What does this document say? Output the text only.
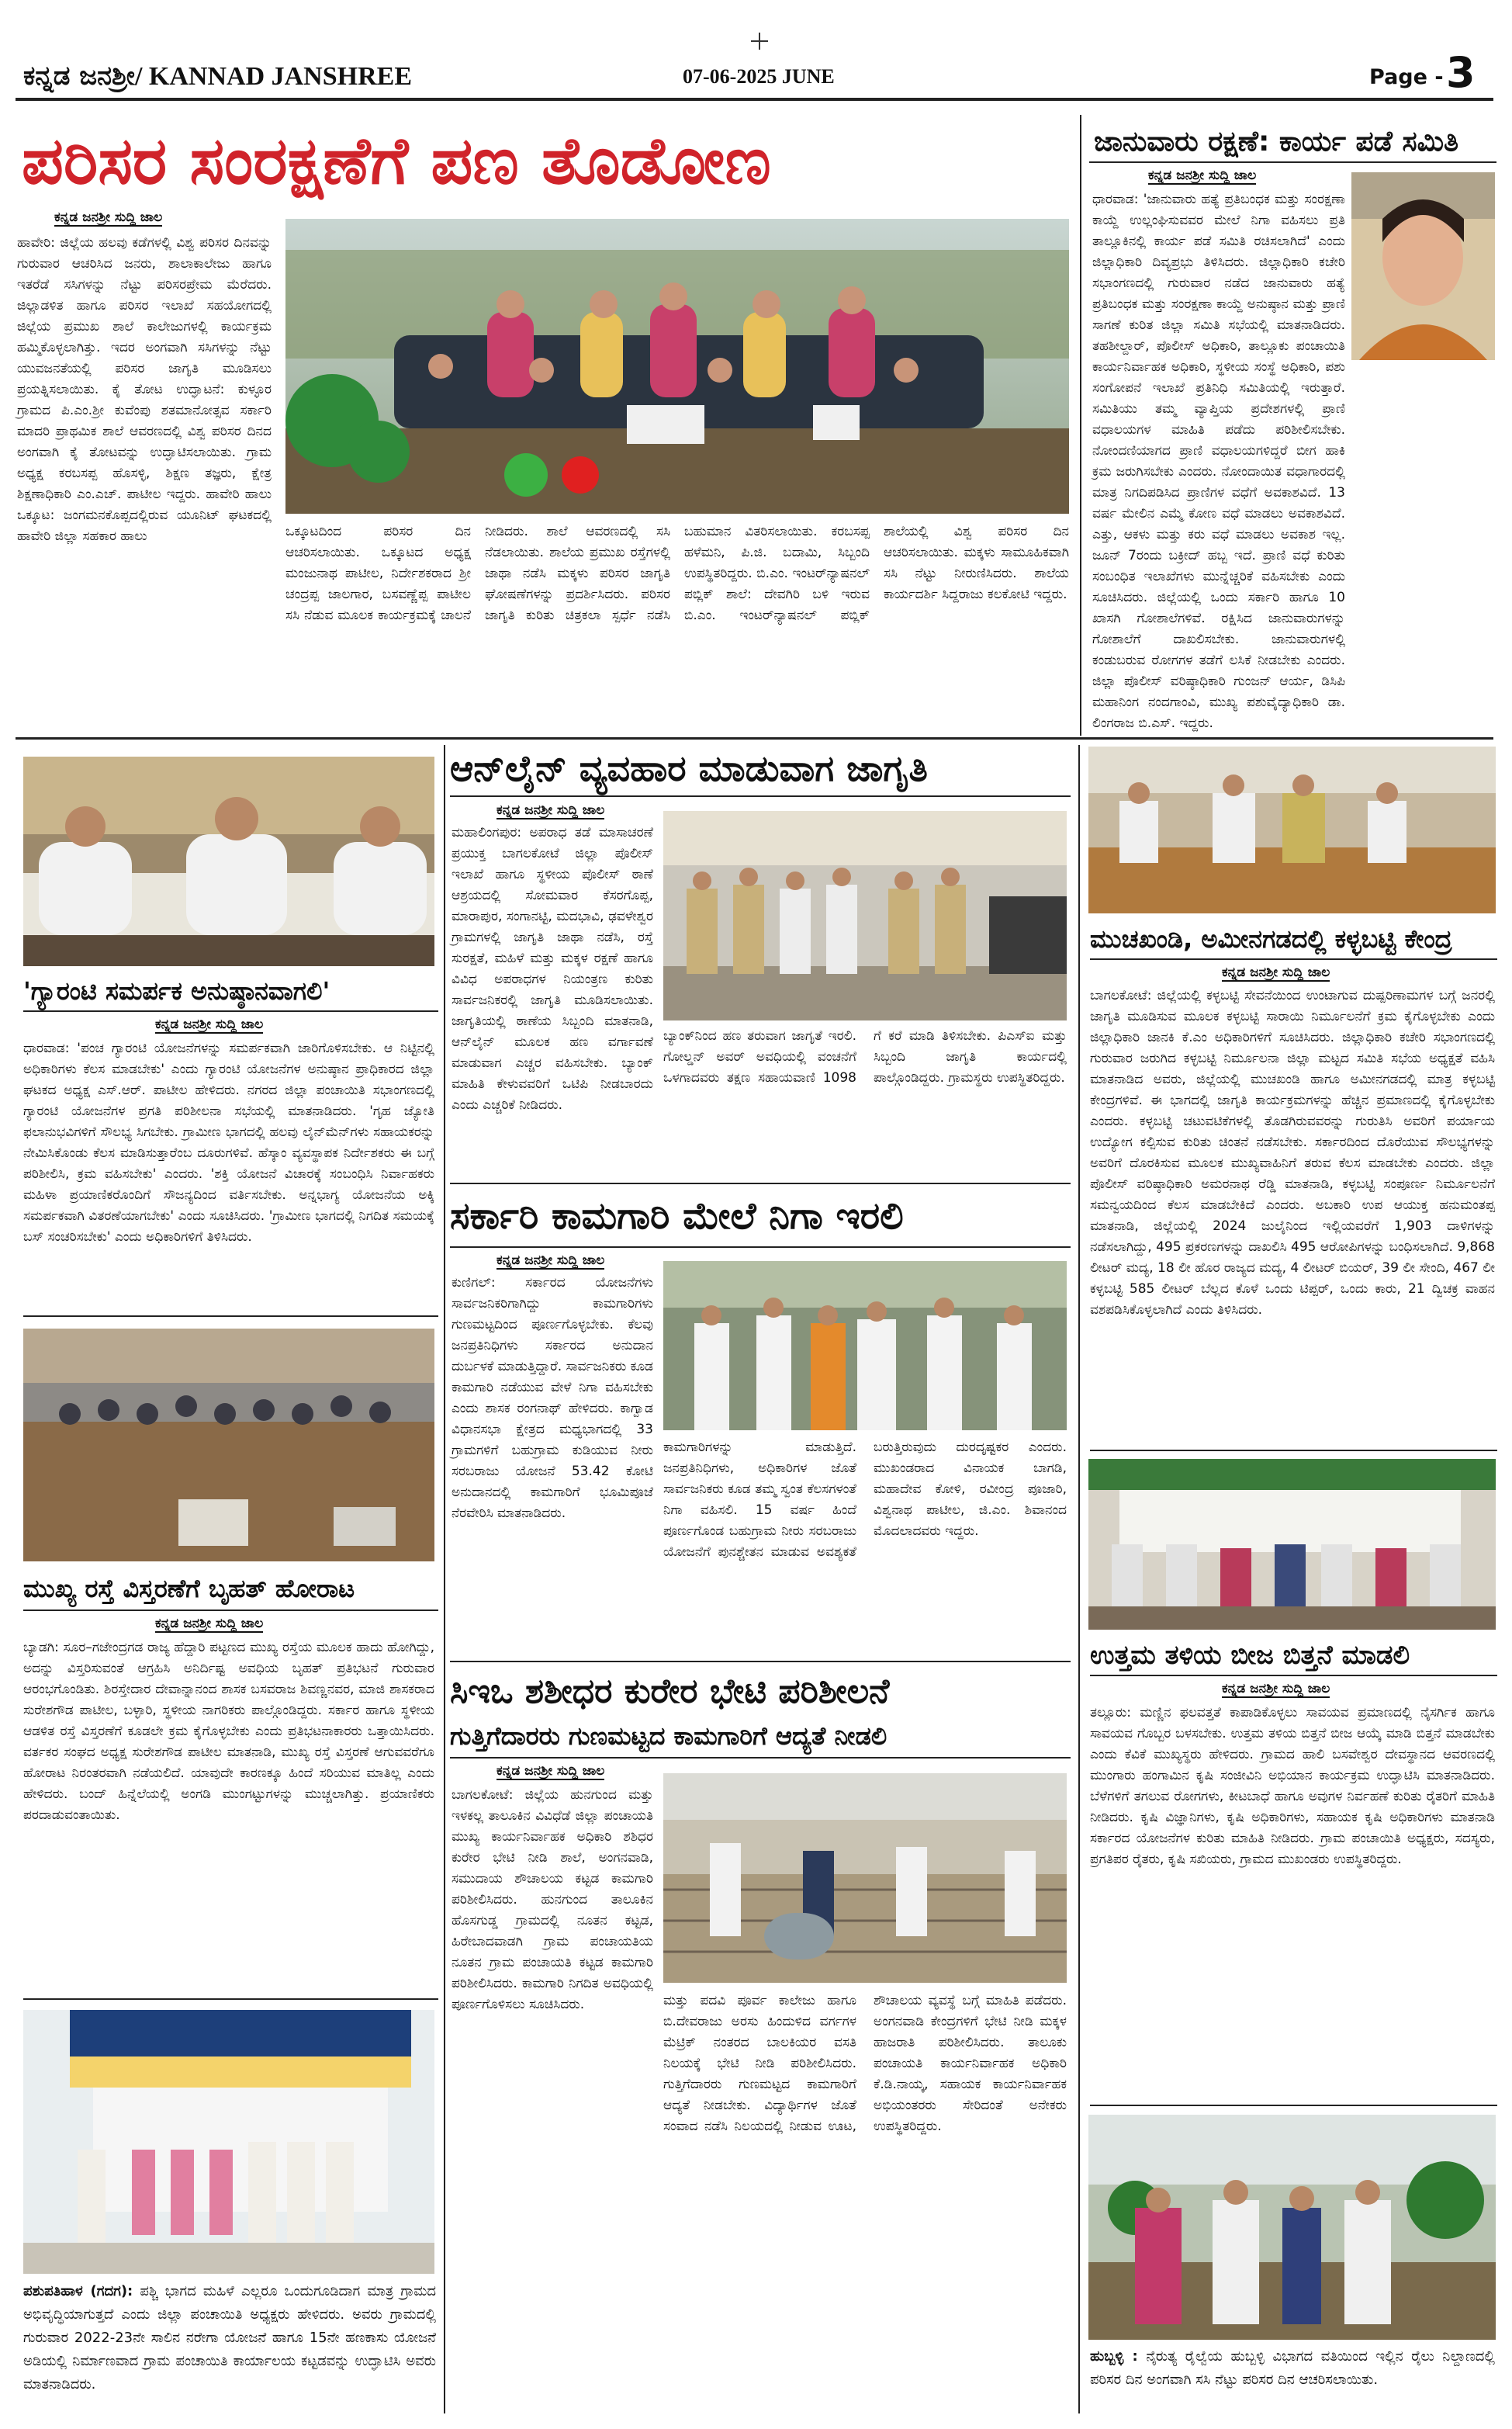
ಕನ್ನಡ ಜನಶ್ರೀ/ KANNAD JANSHREE	07-06-2025 JUNE	Page - 3
ಪರಿಸರ ಸಂರಕ್ಷಣೆಗೆ ಪಣ ತೊಡೋಣ
ಕನ್ನಡ ಜನಶ್ರೀ ಸುದ್ದಿ ಜಾಲ
ಹಾವೇರಿ: ಜಿಲ್ಲೆಯ ಹಲವು ಕಡೆಗಳಲ್ಲಿ ವಿಶ್ವ ಪರಿಸರ ದಿನವನ್ನು ಗುರುವಾರ ಆಚರಿಸಿದ ಜನರು, ಶಾಲಾಕಾಲೇಜು ಹಾಗೂ ಇತರೆಡೆ ಸಸಿಗಳನ್ನು ನೆಟ್ಟು ಪರಿಸರಪ್ರೇಮ ಮೆರೆದರು. ಜಿಲ್ಲಾಡಳಿತ ಹಾಗೂ ಪರಿಸರ ಇಲಾಖೆ ಸಹಯೋಗದಲ್ಲಿ ಜಿಲ್ಲೆಯ ಪ್ರಮುಖ ಶಾಲೆ ಕಾಲೇಜುಗಳಲ್ಲಿ ಕಾರ್ಯಕ್ರಮ ಹಮ್ಮಿಕೊಳ್ಳಲಾಗಿತ್ತು. ಇದರ ಅಂಗವಾಗಿ ಸಸಿಗಳನ್ನು ನೆಟ್ಟು ಯುವಜನತೆಯಲ್ಲಿ ಪರಿಸರ ಜಾಗೃತಿ ಮೂಡಿಸಲು ಪ್ರಯತ್ನಿಸಲಾಯಿತು. ಕೈ ತೋಟ ಉದ್ಘಾಟನೆ: ಕುಳ್ಳೂರ ಗ್ರಾಮದ ಪಿ.ಎಂ.ಶ್ರೀ ಕುವೆಂಪು ಶತಮಾನೋತ್ಸವ ಸರ್ಕಾರಿ ಮಾದರಿ ಪ್ರಾಥಮಿಕ ಶಾಲೆ ಆವರಣದಲ್ಲಿ ವಿಶ್ವ ಪರಿಸರ ದಿನದ ಅಂಗವಾಗಿ ಕೈ ತೋಟವನ್ನು ಉದ್ಘಾಟಿಸಲಾಯಿತು. ಗ್ರಾಮ ಅಧ್ಯಕ್ಷ ಕರಬಸಪ್ಪ ಹೊಸಳ್ಳಿ, ಶಿಕ್ಷಣ ತಜ್ಞರು, ಕ್ಷೇತ್ರ ಶಿಕ್ಷಣಾಧಿಕಾರಿ ಎಂ.ಎಚ್. ಪಾಟೀಲ ಇದ್ದರು. ಹಾವೇರಿ ಹಾಲು ಒಕ್ಕೂಟ: ಜಂಗಮನಕೊಪ್ಪದಲ್ಲಿರುವ ಯೂನಿಟ್ ಘಟಕದಲ್ಲಿ ಹಾವೇರಿ ಜಿಲ್ಲಾ ಸಹಕಾರ ಹಾಲು	ಒಕ್ಕೂಟದಿಂದ ಪರಿಸರ ದಿನ ಆಚರಿಸಲಾಯಿತು. ಒಕ್ಕೂಟದ ಅಧ್ಯಕ್ಷ ಮಂಜುನಾಥ ಪಾಟೀಲ, ನಿರ್ದೇಶಕರಾದ ಶ್ರೀ ಚಂದ್ರಪ್ಪ ಜಾಲಗಾರ, ಬಸವಣ್ಣೆಪ್ಪ ಪಾಟೀಲ ಸಸಿ ನೆಡುವ ಮೂಲಕ ಕಾರ್ಯಕ್ರಮಕ್ಕೆ ಚಾಲನೆ ನೀಡಿದರು. ಶಾಲೆ ಆವರಣದಲ್ಲಿ ಸಸಿ ನೆಡಲಾಯಿತು. ಶಾಲೆಯ ಪ್ರಮುಖ ರಸ್ತೆಗಳಲ್ಲಿ ಜಾಥಾ ನಡೆಸಿ ಮಕ್ಕಳು ಪರಿಸರ ಜಾಗೃತಿ ಘೋಷಣೆಗಳನ್ನು ಪ್ರದರ್ಶಿಸಿದರು. ಪರಿಸರ ಜಾಗೃತಿ ಕುರಿತು ಚಿತ್ರಕಲಾ ಸ್ಪರ್ಧೆ ನಡೆಸಿ ಬಹುಮಾನ ವಿತರಿಸಲಾಯಿತು. ಕರಬಸಪ್ಪ ಹಳೆಮನಿ, ಪಿ.ಜಿ. ಬದಾಮಿ, ಸಿಬ್ಬಂದಿ ಉಪಸ್ಥಿತರಿದ್ದರು. ಬಿ.ಎಂ. ಇಂಟರ್‌ನ್ಯಾಷನಲ್ ಪಬ್ಲಿಕ್ ಶಾಲೆ: ದೇವಗಿರಿ ಬಳಿ ಇರುವ ಬಿ.ಎಂ. ಇಂಟರ್‌ನ್ಯಾಷನಲ್ ಪಬ್ಲಿಕ್ ಶಾಲೆಯಲ್ಲಿ ವಿಶ್ವ ಪರಿಸರ ದಿನ ಆಚರಿಸಲಾಯಿತು. ಮಕ್ಕಳು ಸಾಮೂಹಿಕವಾಗಿ ಸಸಿ ನೆಟ್ಟು ನೀರುಣಿಸಿದರು. ಶಾಲೆಯ ಕಾರ್ಯದರ್ಶಿ ಸಿದ್ದರಾಜು ಕಲಕೋಟಿ ಇದ್ದರು.
ಜಾನುವಾರು ರಕ್ಷಣೆ: ಕಾರ್ಯ ಪಡೆ ಸಮಿತಿ
ಕನ್ನಡ ಜನಶ್ರೀ ಸುದ್ದಿ ಜಾಲ
ಧಾರವಾಡ: 'ಜಾನುವಾರು ಹತ್ಯೆ ಪ್ರತಿಬಂಧಕ ಮತ್ತು ಸಂರಕ್ಷಣಾ ಕಾಯ್ದೆ ಉಲ್ಲಂಘಿಸುವವರ ಮೇಲೆ ನಿಗಾ ವಹಿಸಲು ಪ್ರತಿ ತಾಲ್ಲೂಕಿನಲ್ಲಿ ಕಾರ್ಯ ಪಡೆ ಸಮಿತಿ ರಚಿಸಲಾಗಿದೆ' ಎಂದು ಜಿಲ್ಲಾಧಿಕಾರಿ ದಿವ್ಯಪ್ರಭು ತಿಳಿಸಿದರು. ಜಿಲ್ಲಾಧಿಕಾರಿ ಕಚೇರಿ ಸಭಾಂಗಣದಲ್ಲಿ ಗುರುವಾರ ನಡೆದ ಜಾನುವಾರು ಹತ್ಯೆ ಪ್ರತಿಬಂಧಕ ಮತ್ತು ಸಂರಕ್ಷಣಾ ಕಾಯ್ದೆ ಅನುಷ್ಠಾನ ಮತ್ತು ಪ್ರಾಣಿ ಸಾಗಣೆ ಕುರಿತ ಜಿಲ್ಲಾ ಸಮಿತಿ ಸಭೆಯಲ್ಲಿ ಮಾತನಾಡಿದರು. ತಹಶೀಲ್ದಾರ್, ಪೊಲೀಸ್ ಅಧಿಕಾರಿ, ತಾಲ್ಲೂಕು ಪಂಚಾಯಿತಿ ಕಾರ್ಯನಿರ್ವಾಹಕ ಅಧಿಕಾರಿ, ಸ್ಥಳೀಯ ಸಂಸ್ಥೆ ಅಧಿಕಾರಿ, ಪಶು ಸಂಗೋಪನೆ ಇಲಾಖೆ ಪ್ರತಿನಿಧಿ ಸಮಿತಿಯಲ್ಲಿ ಇರುತ್ತಾರೆ. ಸಮಿತಿಯು ತಮ್ಮ ವ್ಯಾಪ್ತಿಯ ಪ್ರದೇಶಗಳಲ್ಲಿ ಪ್ರಾಣಿ ವಧಾಲಯಗಳ ಮಾಹಿತಿ ಪಡೆದು ಪರಿಶೀಲಿಸಬೇಕು. ನೋಂದಣಿಯಾಗದ ಪ್ರಾಣಿ ವಧಾಲಯಗಳಿದ್ದರೆ ಬೀಗ ಹಾಕಿ ಕ್ರಮ ಜರುಗಿಸಬೇಕು ಎಂದರು. ನೋಂದಾಯಿತ ವಧಾಗಾರದಲ್ಲಿ ಮಾತ್ರ ನಿಗದಿಪಡಿಸಿದ ಪ್ರಾಣಿಗಳ ವಧೆಗೆ ಅವಕಾಶವಿದೆ. 13 ವರ್ಷ ಮೇಲಿನ ಎಮ್ಮೆ ಕೋಣ ವಧೆ ಮಾಡಲು ಅವಕಾಶವಿದೆ. ಎತ್ತು, ಆಕಳು ಮತ್ತು ಕರು ವಧೆ ಮಾಡಲು ಅವಕಾಶ ಇಲ್ಲ. ಜೂನ್ 7ರಂದು ಬಕ್ರೀದ್ ಹಬ್ಬ ಇದೆ. ಪ್ರಾಣಿ ವಧೆ ಕುರಿತು ಸಂಬಂಧಿತ ಇಲಾಖೆಗಳು ಮುನ್ನೆಚ್ಚರಿಕೆ ವಹಿಸಬೇಕು ಎಂದು ಸೂಚಿಸಿದರು. ಜಿಲ್ಲೆಯಲ್ಲಿ ಒಂದು ಸರ್ಕಾರಿ ಹಾಗೂ 10 ಖಾಸಗಿ ಗೋಶಾಲೆಗಳಿವೆ. ರಕ್ಷಿಸಿದ ಜಾನುವಾರುಗಳನ್ನು ಗೋಶಾಲೆಗೆ ದಾಖಲಿಸಬೇಕು. ಜಾನುವಾರುಗಳಲ್ಲಿ ಕಂಡುಬರುವ ರೋಗಗಳ ತಡೆಗೆ ಲಸಿಕೆ ನೀಡಬೇಕು ಎಂದರು. ಜಿಲ್ಲಾ ಪೊಲೀಸ್ ವರಿಷ್ಠಾಧಿಕಾರಿ ಗುಂಜನ್ ಆರ್ಯ, ಡಿಸಿಪಿ ಮಹಾನಿಂಗ ನಂದಗಾಂವಿ, ಮುಖ್ಯ ಪಶುವೈದ್ಯಾಧಿಕಾರಿ ಡಾ. ಲಿಂಗರಾಜ ಬಿ.ಎಸ್. ಇದ್ದರು.
'ಗ್ಯಾರಂಟಿ ಸಮರ್ಪಕ ಅನುಷ್ಠಾನವಾಗಲಿ'
ಕನ್ನಡ ಜನಶ್ರೀ ಸುದ್ದಿ ಜಾಲ
ಧಾರವಾಡ: 'ಪಂಚ ಗ್ಯಾರಂಟಿ ಯೋಜನೆಗಳನ್ನು ಸಮರ್ಪಕವಾಗಿ ಜಾರಿಗೊಳಿಸಬೇಕು. ಆ ನಿಟ್ಟಿನಲ್ಲಿ ಅಧಿಕಾರಿಗಳು ಕೆಲಸ ಮಾಡಬೇಕು' ಎಂದು ಗ್ಯಾರಂಟಿ ಯೋಜನೆಗಳ ಅನುಷ್ಠಾನ ಪ್ರಾಧಿಕಾರದ ಜಿಲ್ಲಾ ಘಟಕದ ಅಧ್ಯಕ್ಷ ಎಸ್.ಆರ್. ಪಾಟೀಲ ಹೇಳಿದರು. ನಗರದ ಜಿಲ್ಲಾ ಪಂಚಾಯಿತಿ ಸಭಾಂಗಣದಲ್ಲಿ ಗ್ಯಾರಂಟಿ ಯೋಜನೆಗಳ ಪ್ರಗತಿ ಪರಿಶೀಲನಾ ಸಭೆಯಲ್ಲಿ ಮಾತನಾಡಿದರು. 'ಗೃಹ ಜ್ಯೋತಿ ಫಲಾನುಭವಿಗಳಿಗೆ ಸೌಲಭ್ಯ ಸಿಗಬೇಕು. ಗ್ರಾಮೀಣ ಭಾಗದಲ್ಲಿ ಹಲವು ಲೈನ್‌ಮೆನ್‌ಗಳು ಸಹಾಯಕರನ್ನು ನೇಮಿಸಿಕೊಂಡು ಕೆಲಸ ಮಾಡಿಸುತ್ತಾರೆಂಬ ದೂರುಗಳಿವೆ. ಹೆಸ್ಕಾಂ ವ್ಯವಸ್ಥಾಪಕ ನಿರ್ದೇಶಕರು ಈ ಬಗ್ಗೆ ಪರಿಶೀಲಿಸಿ, ಕ್ರಮ ವಹಿಸಬೇಕು' ಎಂದರು. 'ಶಕ್ತಿ ಯೋಜನೆ ವಿಚಾರಕ್ಕೆ ಸಂಬಂಧಿಸಿ ನಿರ್ವಾಹಕರು ಮಹಿಳಾ ಪ್ರಯಾಣಿಕರೊಂದಿಗೆ ಸೌಜನ್ಯದಿಂದ ವರ್ತಿಸಬೇಕು. ಅನ್ನಭಾಗ್ಯ ಯೋಜನೆಯ ಅಕ್ಕಿ ಸಮರ್ಪಕವಾಗಿ ವಿತರಣೆಯಾಗಬೇಕು' ಎಂದು ಸೂಚಿಸಿದರು. 'ಗ್ರಾಮೀಣ ಭಾಗದಲ್ಲಿ ನಿಗದಿತ ಸಮಯಕ್ಕೆ ಬಸ್ ಸಂಚರಿಸಬೇಕು' ಎಂದು ಅಧಿಕಾರಿಗಳಿಗೆ ತಿಳಿಸಿದರು.
ಮುಖ್ಯ ರಸ್ತೆ ವಿಸ್ತರಣೆಗೆ ಬೃಹತ್ ಹೋರಾಟ
ಕನ್ನಡ ಜನಶ್ರೀ ಸುದ್ದಿ ಜಾಲ
ಬ್ಯಾಡಗಿ: ಸೂರ–ಗಜೇಂದ್ರಗಡ ರಾಜ್ಯ ಹೆದ್ದಾರಿ ಪಟ್ಟಣದ ಮುಖ್ಯ ರಸ್ತೆಯ ಮೂಲಕ ಹಾದು ಹೋಗಿದ್ದು, ಅದನ್ನು ವಿಸ್ತರಿಸುವಂತೆ ಆಗ್ರಹಿಸಿ ಅನಿರ್ದಿಷ್ಟ ಅವಧಿಯ ಬೃಹತ್ ಪ್ರತಿಭಟನೆ ಗುರುವಾರ ಆರಂಭಗೊಂಡಿತು. ಶಿರಸ್ತೇದಾರ ದೇವಾನ್ನಾನಂದ ಶಾಸಕ ಬಸವರಾಜ ಶಿವಣ್ಣನವರ, ಮಾಜಿ ಶಾಸಕರಾದ ಸುರೇಶಗೌಡ ಪಾಟೀಲ, ಬಳ್ಳಾರಿ, ಸ್ಥಳೀಯ ನಾಗರಿಕರು ಪಾಲ್ಗೊಂಡಿದ್ದರು. ಸರ್ಕಾರ ಹಾಗೂ ಸ್ಥಳೀಯ ಆಡಳಿತ ರಸ್ತೆ ವಿಸ್ತರಣೆಗೆ ಕೂಡಲೇ ಕ್ರಮ ಕೈಗೊಳ್ಳಬೇಕು ಎಂದು ಪ್ರತಿಭಟನಾಕಾರರು ಒತ್ತಾಯಿಸಿದರು. ವರ್ತಕರ ಸಂಘದ ಅಧ್ಯಕ್ಷ ಸುರೇಶಗೌಡ ಪಾಟೀಲ ಮಾತನಾಡಿ, ಮುಖ್ಯ ರಸ್ತೆ ವಿಸ್ತರಣೆ ಆಗುವವರೆಗೂ ಹೋರಾಟ ನಿರಂತರವಾಗಿ ನಡೆಯಲಿದೆ. ಯಾವುದೇ ಕಾರಣಕ್ಕೂ ಹಿಂದೆ ಸರಿಯುವ ಮಾತಿಲ್ಲ ಎಂದು ಹೇಳಿದರು. ಬಂದ್ ಹಿನ್ನೆಲೆಯಲ್ಲಿ ಅಂಗಡಿ ಮುಂಗಟ್ಟುಗಳನ್ನು ಮುಚ್ಚಲಾಗಿತ್ತು. ಪ್ರಯಾಣಿಕರು ಪರದಾಡುವಂತಾಯಿತು.
ಪಶುಪತಿಹಾಳ (ಗದಗ): ಪಶ್ಚಿ ಭಾಗದ ಮಹಿಳೆ ಎಲ್ಲರೂ ಒಂದುಗೂಡಿದಾಗ ಮಾತ್ರ ಗ್ರಾಮದ ಅಭಿವೃದ್ಧಿಯಾಗುತ್ತದೆ ಎಂದು ಜಿಲ್ಲಾ ಪಂಚಾಯಿತಿ ಅಧ್ಯಕ್ಷರು ಹೇಳಿದರು. ಅವರು ಗ್ರಾಮದಲ್ಲಿ ಗುರುವಾರ 2022-23ನೇ ಸಾಲಿನ ನರೇಗಾ ಯೋಜನೆ ಹಾಗೂ 15ನೇ ಹಣಕಾಸು ಯೋಜನೆ ಅಡಿಯಲ್ಲಿ ನಿರ್ಮಾಣವಾದ ಗ್ರಾಮ ಪಂಚಾಯಿತಿ ಕಾರ್ಯಾಲಯ ಕಟ್ಟಡವನ್ನು ಉದ್ಘಾಟಿಸಿ ಅವರು ಮಾತನಾಡಿದರು.
ಆನ್‌ಲೈನ್ ವ್ಯವಹಾರ ಮಾಡುವಾಗ ಜಾಗೃತಿ
ಕನ್ನಡ ಜನಶ್ರೀ ಸುದ್ದಿ ಜಾಲ
ಮಹಾಲಿಂಗಪುರ: ಅಪರಾಧ ತಡೆ ಮಾಸಾಚರಣೆ ಪ್ರಯುಕ್ತ ಬಾಗಲಕೋಟೆ ಜಿಲ್ಲಾ ಪೊಲೀಸ್ ಇಲಾಖೆ ಹಾಗೂ ಸ್ಥಳೀಯ ಪೊಲೀಸ್ ಠಾಣೆ ಆಶ್ರಯದಲ್ಲಿ ಸೋಮವಾರ ಕೆಸರಗೊಪ್ಪ, ಮಾರಾಪುರ, ಸಂಗಾನಟ್ಟಿ, ಮದಭಾವಿ, ಢವಳೇಶ್ವರ ಗ್ರಾಮಗಳಲ್ಲಿ ಜಾಗೃತಿ ಜಾಥಾ ನಡೆಸಿ, ರಸ್ತೆ ಸುರಕ್ಷತೆ, ಮಹಿಳೆ ಮತ್ತು ಮಕ್ಕಳ ರಕ್ಷಣೆ ಹಾಗೂ ವಿವಿಧ ಅಪರಾಧಗಳ ನಿಯಂತ್ರಣ ಕುರಿತು ಸಾರ್ವಜನಿಕರಲ್ಲಿ ಜಾಗೃತಿ ಮೂಡಿಸಲಾಯಿತು. ಜಾಗೃತಿಯಲ್ಲಿ ಠಾಣೆಯ ಸಿಬ್ಬಂದಿ ಮಾತನಾಡಿ, ಆನ್‌ಲೈನ್ ಮೂಲಕ ಹಣ ವರ್ಗಾವಣೆ ಮಾಡುವಾಗ ಎಚ್ಚರ ವಹಿಸಬೇಕು. ಬ್ಯಾಂಕ್ ಮಾಹಿತಿ ಕೇಳುವವರಿಗೆ ಒಟಿಪಿ ನೀಡಬಾರದು ಎಂದು ಎಚ್ಚರಿಕೆ ನೀಡಿದರು.
ಬ್ಯಾಂಕ್‌ನಿಂದ ಹಣ ತರುವಾಗ ಜಾಗೃತೆ ಇರಲಿ. ಗೋಲ್ಡನ್ ಅವರ್ ಅವಧಿಯಲ್ಲಿ ವಂಚನೆಗೆ ಒಳಗಾದವರು ತಕ್ಷಣ ಸಹಾಯವಾಣಿ 1098 ಗೆ ಕರೆ ಮಾಡಿ ತಿಳಿಸಬೇಕು. ಪಿಎಸ್‌ಐ ಮತ್ತು ಸಿಬ್ಬಂದಿ ಜಾಗೃತಿ ಕಾರ್ಯದಲ್ಲಿ ಪಾಲ್ಗೊಂಡಿದ್ದರು. ಗ್ರಾಮಸ್ಥರು ಉಪಸ್ಥಿತರಿದ್ದರು.
ಸರ್ಕಾರಿ ಕಾಮಗಾರಿ ಮೇಲೆ ನಿಗಾ ಇರಲಿ
ಕನ್ನಡ ಜನಶ್ರೀ ಸುದ್ದಿ ಜಾಲ
ಕುಣಿಗಲ್: ಸರ್ಕಾರದ ಯೋಜನೆಗಳು ಸಾರ್ವಜನಿಕರಿಗಾಗಿದ್ದು ಕಾಮಗಾರಿಗಳು ಗುಣಮಟ್ಟದಿಂದ ಪೂರ್ಣಗೊಳ್ಳಬೇಕು. ಕೆಲವು ಜನಪ್ರತಿನಿಧಿಗಳು ಸರ್ಕಾರದ ಅನುದಾನ ದುರ್ಬಳಕೆ ಮಾಡುತ್ತಿದ್ದಾರೆ. ಸಾರ್ವಜನಿಕರು ಕೂಡ ಕಾಮಗಾರಿ ನಡೆಯುವ ವೇಳೆ ನಿಗಾ ವಹಿಸಬೇಕು ಎಂದು ಶಾಸಕ ರಂಗನಾಥ್ ಹೇಳಿದರು. ಕಾಗ್ವಾಡ ವಿಧಾನಸಭಾ ಕ್ಷೇತ್ರದ ಮಧ್ಯಭಾಗದಲ್ಲಿ 33 ಗ್ರಾಮಗಳಿಗೆ ಬಹುಗ್ರಾಮ ಕುಡಿಯುವ ನೀರು ಸರಬರಾಜು ಯೋಜನೆ 53.42 ಕೋಟಿ ಅನುದಾನದಲ್ಲಿ ಕಾಮಗಾರಿಗೆ ಭೂಮಿಪೂಜೆ ನೆರವೇರಿಸಿ ಮಾತನಾಡಿದರು.
ಕಾಮಗಾರಿಗಳನ್ನು ಮಾಡುತ್ತಿದೆ. ಜನಪ್ರತಿನಿಧಿಗಳು, ಅಧಿಕಾರಿಗಳ ಜೊತೆ ಸಾರ್ವಜನಿಕರು ಕೂಡ ತಮ್ಮ ಸ್ವಂತ ಕೆಲಸಗಳಂತೆ ನಿಗಾ ವಹಿಸಲಿ. 15 ವರ್ಷ ಹಿಂದೆ ಪೂರ್ಣಗೊಂಡ ಬಹುಗ್ರಾಮ ನೀರು ಸರಬರಾಜು ಯೋಜನೆಗೆ ಪುನಶ್ಚೇತನ ಮಾಡುವ ಅವಶ್ಯಕತೆ ಬರುತ್ತಿರುವುದು ದುರದೃಷ್ಟಕರ ಎಂದರು. ಮುಖಂಡರಾದ ವಿನಾಯಕ ಬಾಗಡಿ, ಮಹಾದೇವ ಕೋಳಿ, ರವೀಂದ್ರ ಪೂಜಾರಿ, ವಿಶ್ವನಾಥ ಪಾಟೀಲ, ಜಿ.ಎಂ. ಶಿವಾನಂದ ಮೊದಲಾದವರು ಇದ್ದರು.
ಸಿಇಒ ಶಶೀಧರ ಕುರೇರ ಭೇಟಿ ಪರಿಶೀಲನೆ
ಗುತ್ತಿಗೆದಾರರು ಗುಣಮಟ್ಟದ ಕಾಮಗಾರಿಗೆ ಆದ್ಯತೆ ನೀಡಲಿ
ಕನ್ನಡ ಜನಶ್ರೀ ಸುದ್ದಿ ಜಾಲ
ಬಾಗಲಕೋಟೆ: ಜಿಲ್ಲೆಯ ಹುನಗುಂದ ಮತ್ತು ಇಳಕಲ್ಲ ತಾಲೂಕಿನ ವಿವಿಧೆಡೆ ಜಿಲ್ಲಾ ಪಂಚಾಯತಿ ಮುಖ್ಯ ಕಾರ್ಯನಿರ್ವಾಹಕ ಅಧಿಕಾರಿ ಶಶಿಧರ ಕುರೇರ ಭೇಟಿ ನೀಡಿ ಶಾಲೆ, ಅಂಗನವಾಡಿ, ಸಮುದಾಯ ಶೌಚಾಲಯ ಕಟ್ಟಡ ಕಾಮಗಾರಿ ಪರಿಶೀಲಿಸಿದರು. ಹುನಗುಂದ ತಾಲೂಕಿನ ಹೊಸಗುಡ್ಡ ಗ್ರಾಮದಲ್ಲಿ ನೂತನ ಕಟ್ಟಡ, ಹಿರೇಬಾದವಾಡಗಿ ಗ್ರಾಮ ಪಂಚಾಯತಿಯ ನೂತನ ಗ್ರಾಮ ಪಂಚಾಯತಿ ಕಟ್ಟಡ ಕಾಮಗಾರಿ ಪರಿಶೀಲಿಸಿದರು. ಕಾಮಗಾರಿ ನಿಗದಿತ ಅವಧಿಯಲ್ಲಿ ಪೂರ್ಣಗೊಳಿಸಲು ಸೂಚಿಸಿದರು.	ಮತ್ತು ಪದವಿ ಪೂರ್ವ ಕಾಲೇಜು ಹಾಗೂ ಬಿ.ದೇವರಾಜು ಅರಸು ಹಿಂದುಳಿದ ವರ್ಗಗಳ ಮೆಟ್ರಿಕ್ ನಂತರದ ಬಾಲಕಿಯರ ವಸತಿ ನಿಲಯಕ್ಕೆ ಭೇಟಿ ನೀಡಿ ಪರಿಶೀಲಿಸಿದರು. ಗುತ್ತಿಗೆದಾರರು ಗುಣಮಟ್ಟದ ಕಾಮಗಾರಿಗೆ ಆದ್ಯತೆ ನೀಡಬೇಕು. ವಿದ್ಯಾರ್ಥಿಗಳ ಜೊತೆ ಸಂವಾದ ನಡೆಸಿ ನಿಲಯದಲ್ಲಿ ನೀಡುವ ಊಟ, ಶೌಚಾಲಯ ವ್ಯವಸ್ಥೆ ಬಗ್ಗೆ ಮಾಹಿತಿ ಪಡೆದರು. ಅಂಗನವಾಡಿ ಕೇಂದ್ರಗಳಿಗೆ ಭೇಟಿ ನೀಡಿ ಮಕ್ಕಳ ಹಾಜರಾತಿ ಪರಿಶೀಲಿಸಿದರು. ತಾಲೂಕು ಪಂಚಾಯತಿ ಕಾರ್ಯನಿರ್ವಾಹಕ ಅಧಿಕಾರಿ ಕೆ.ಡಿ.ನಾಯ್ಕ, ಸಹಾಯಕ ಕಾರ್ಯನಿರ್ವಾಹಕ ಅಭಿಯಂತರರು ಸೇರಿದಂತೆ ಅನೇಕರು ಉಪಸ್ಥಿತರಿದ್ದರು.
ಮುಚಖಂಡಿ, ಅಮೀನಗಡದಲ್ಲಿ ಕಳ್ಳಬಟ್ಟಿ ಕೇಂದ್ರ
ಕನ್ನಡ ಜನಶ್ರೀ ಸುದ್ದಿ ಜಾಲ
ಬಾಗಲಕೋಟೆ: ಜಿಲ್ಲೆಯಲ್ಲಿ ಕಳ್ಳಬಟ್ಟಿ ಸೇವನೆಯಿಂದ ಉಂಟಾಗುವ ದುಷ್ಪರಿಣಾಮಗಳ ಬಗ್ಗೆ ಜನರಲ್ಲಿ ಜಾಗೃತಿ ಮೂಡಿಸುವ ಮೂಲಕ ಕಳ್ಳಬಟ್ಟಿ ಸಾರಾಯಿ ನಿರ್ಮೂಲನೆಗೆ ಕ್ರಮ ಕೈಗೊಳ್ಳಬೇಕು ಎಂದು ಜಿಲ್ಲಾಧಿಕಾರಿ ಜಾನಕಿ ಕೆ.ಎಂ ಅಧಿಕಾರಿಗಳಿಗೆ ಸೂಚಿಸಿದರು. ಜಿಲ್ಲಾಧಿಕಾರಿ ಕಚೇರಿ ಸಭಾಂಗಣದಲ್ಲಿ ಗುರುವಾರ ಜರುಗಿದ ಕಳ್ಳಬಟ್ಟಿ ನಿರ್ಮೂಲನಾ ಜಿಲ್ಲಾ ಮಟ್ಟದ ಸಮಿತಿ ಸಭೆಯ ಅಧ್ಯಕ್ಷತೆ ವಹಿಸಿ ಮಾತನಾಡಿದ ಅವರು, ಜಿಲ್ಲೆಯಲ್ಲಿ ಮುಚಖಂಡಿ ಹಾಗೂ ಅಮೀನಗಡದಲ್ಲಿ ಮಾತ್ರ ಕಳ್ಳಬಟ್ಟಿ ಕೇಂದ್ರಗಳಿವೆ. ಈ ಭಾಗದಲ್ಲಿ ಜಾಗೃತಿ ಕಾರ್ಯಕ್ರಮಗಳನ್ನು ಹೆಚ್ಚಿನ ಪ್ರಮಾಣದಲ್ಲಿ ಕೈಗೊಳ್ಳಬೇಕು ಎಂದರು. ಕಳ್ಳಬಟ್ಟಿ ಚಟುವಟಿಕೆಗಳಲ್ಲಿ ತೊಡಗಿರುವವರನ್ನು ಗುರುತಿಸಿ ಅವರಿಗೆ ಪರ್ಯಾಯ ಉದ್ಯೋಗ ಕಲ್ಪಿಸುವ ಕುರಿತು ಚಿಂತನೆ ನಡೆಸಬೇಕು. ಸರ್ಕಾರದಿಂದ ದೊರೆಯುವ ಸೌಲಭ್ಯಗಳನ್ನು ಅವರಿಗೆ ದೊರಕಿಸುವ ಮೂಲಕ ಮುಖ್ಯವಾಹಿನಿಗೆ ತರುವ ಕೆಲಸ ಮಾಡಬೇಕು ಎಂದರು. ಜಿಲ್ಲಾ ಪೊಲೀಸ್ ವರಿಷ್ಠಾಧಿಕಾರಿ ಅಮರನಾಥ ರೆಡ್ಡಿ ಮಾತನಾಡಿ, ಕಳ್ಳಬಟ್ಟಿ ಸಂಪೂರ್ಣ ನಿರ್ಮೂಲನೆಗೆ ಸಮನ್ವಯದಿಂದ ಕೆಲಸ ಮಾಡಬೇಕಿದೆ ಎಂದರು. ಅಬಕಾರಿ ಉಪ ಆಯುಕ್ತ ಹನುಮಂತಪ್ಪ ಮಾತನಾಡಿ, ಜಿಲ್ಲೆಯಲ್ಲಿ 2024 ಜುಲೈನಿಂದ ಇಲ್ಲಿಯವರೆಗೆ 1,903 ದಾಳಿಗಳನ್ನು ನಡೆಸಲಾಗಿದ್ದು, 495 ಪ್ರಕರಣಗಳನ್ನು ದಾಖಲಿಸಿ 495 ಆರೋಪಿಗಳನ್ನು ಬಂಧಿಸಲಾಗಿದೆ. 9,868 ಲೀಟರ್ ಮದ್ಯ, 18 ಲೀ ಹೊರ ರಾಜ್ಯದ ಮದ್ಯ, 4 ಲೀಟರ್ ಬಿಯರ್, 39 ಲೀ ಸೇಂದಿ, 467 ಲೀ ಕಳ್ಳಬಟ್ಟಿ 585 ಲೀಟರ್ ಬೆಲ್ಲದ ಕೊಳೆ ಒಂದು ಟಿಪ್ಪರ್, ಒಂದು ಕಾರು, 21 ದ್ವಿಚಕ್ರ ವಾಹನ ವಶಪಡಿಸಿಕೊಳ್ಳಲಾಗಿದೆ ಎಂದು ತಿಳಿಸಿದರು.
ಉತ್ತಮ ತಳಿಯ ಬೀಜ ಬಿತ್ತನೆ ಮಾಡಲಿ
ಕನ್ನಡ ಜನಶ್ರೀ ಸುದ್ದಿ ಜಾಲ
ತಲ್ಲೂರು: ಮಣ್ಣಿನ ಫಲವತ್ತತೆ ಕಾಪಾಡಿಕೊಳ್ಳಲು ಸಾವಯವ ಪ್ರಮಾಣದಲ್ಲಿ ನೈಸರ್ಗಿಕ ಹಾಗೂ ಸಾವಯವ ಗೊಬ್ಬರ ಬಳಸಬೇಕು. ಉತ್ತಮ ತಳಿಯ ಬಿತ್ತನೆ ಬೀಜ ಆಯ್ಕೆ ಮಾಡಿ ಬಿತ್ತನೆ ಮಾಡಬೇಕು ಎಂದು ಕೆವಿಕೆ ಮುಖ್ಯಸ್ಥರು ಹೇಳಿದರು. ಗ್ರಾಮದ ಹಾಲಿ ಬಸವೇಶ್ವರ ದೇವಸ್ಥಾನದ ಆವರಣದಲ್ಲಿ ಮುಂಗಾರು ಹಂಗಾಮಿನ ಕೃಷಿ ಸಂಜೀವಿನಿ ಅಭಿಯಾನ ಕಾರ್ಯಕ್ರಮ ಉದ್ಘಾಟಿಸಿ ಮಾತನಾಡಿದರು. ಬೆಳೆಗಳಿಗೆ ತಗಲುವ ರೋಗಗಳು, ಕೀಟಬಾಧೆ ಹಾಗೂ ಅವುಗಳ ನಿರ್ವಹಣೆ ಕುರಿತು ರೈತರಿಗೆ ಮಾಹಿತಿ ನೀಡಿದರು. ಕೃಷಿ ವಿಜ್ಞಾನಿಗಳು, ಕೃಷಿ ಅಧಿಕಾರಿಗಳು, ಸಹಾಯಕ ಕೃಷಿ ಅಧಿಕಾರಿಗಳು ಮಾತನಾಡಿ ಸರ್ಕಾರದ ಯೋಜನೆಗಳ ಕುರಿತು ಮಾಹಿತಿ ನೀಡಿದರು. ಗ್ರಾಮ ಪಂಚಾಯಿತಿ ಅಧ್ಯಕ್ಷರು, ಸದಸ್ಯರು, ಪ್ರಗತಿಪರ ರೈತರು, ಕೃಷಿ ಸಖಿಯರು, ಗ್ರಾಮದ ಮುಖಂಡರು ಉಪಸ್ಥಿತರಿದ್ದರು.
ಹುಬ್ಬಳ್ಳಿ : ನೈರುತ್ಯ ರೈಲ್ವೆಯ ಹುಬ್ಬಳ್ಳಿ ವಿಭಾಗದ ವತಿಯಿಂದ ಇಲ್ಲಿನ ರೈಲು ನಿಲ್ದಾಣದಲ್ಲಿ ಪರಿಸರ ದಿನ ಅಂಗವಾಗಿ ಸಸಿ ನೆಟ್ಟು ಪರಿಸರ ದಿನ ಆಚರಿಸಲಾಯಿತು.
